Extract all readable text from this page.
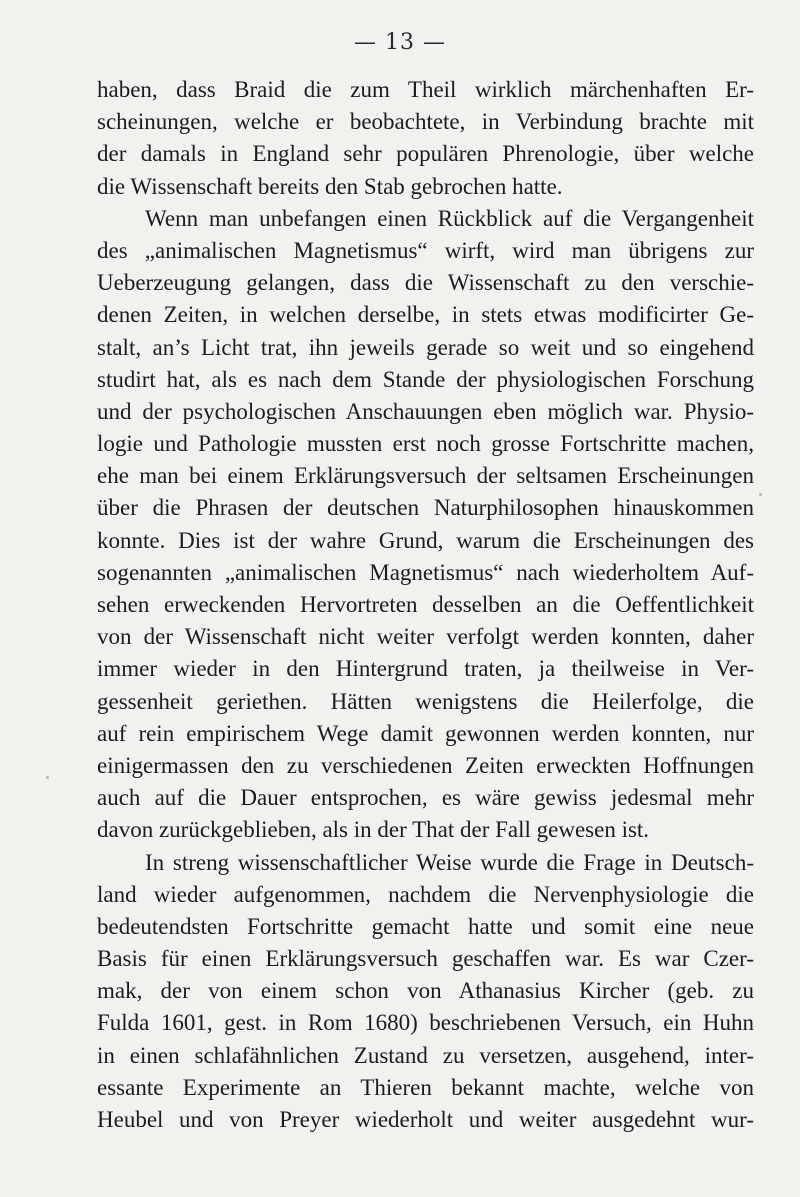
— 13 —
haben, dass Braid die zum Theil wirklich märchenhaften Er-
scheinungen, welche er beobachtete, in Verbindung brachte mit
der damals in England sehr populären Phrenologie, über welche
die Wissenschaft bereits den Stab gebrochen hatte.
Wenn man unbefangen einen Rückblick auf die Vergangenheit
des „animalischen Magnetismus“ wirft, wird man übrigens zur
Ueberzeugung gelangen, dass die Wissenschaft zu den verschie-
denen Zeiten, in welchen derselbe, in stets etwas modificirter Ge-
stalt, an’s Licht trat, ihn jeweils gerade so weit und so eingehend
studirt hat, als es nach dem Stande der physiologischen Forschung
und der psychologischen Anschauungen eben möglich war. Physio-
logie und Pathologie mussten erst noch grosse Fortschritte machen,
ehe man bei einem Erklärungsversuch der seltsamen Erscheinungen
über die Phrasen der deutschen Naturphilosophen hinauskommen
konnte. Dies ist der wahre Grund, warum die Erscheinungen des
sogenannten „animalischen Magnetismus“ nach wiederholtem Auf-
sehen erweckenden Hervortreten desselben an die Oeffentlichkeit
von der Wissenschaft nicht weiter verfolgt werden konnten, daher
immer wieder in den Hintergrund traten, ja theilweise in Ver-
gessenheit geriethen. Hätten wenigstens die Heilerfolge, die
auf rein empirischem Wege damit gewonnen werden konnten, nur
einigermassen den zu verschiedenen Zeiten erweckten Hoffnungen
auch auf die Dauer entsprochen, es wäre gewiss jedesmal mehr
davon zurückgeblieben, als in der That der Fall gewesen ist.
In streng wissenschaftlicher Weise wurde die Frage in Deutsch-
land wieder aufgenommen, nachdem die Nervenphysiologie die
bedeutendsten Fortschritte gemacht hatte und somit eine neue
Basis für einen Erklärungsversuch geschaffen war. Es war Czer-
mak, der von einem schon von Athanasius Kircher (geb. zu
Fulda 1601, gest. in Rom 1680) beschriebenen Versuch, ein Huhn
in einen schlafähnlichen Zustand zu versetzen, ausgehend, inter-
essante Experimente an Thieren bekannt machte, welche von
Heubel und von Preyer wiederholt und weiter ausgedehnt wur-
